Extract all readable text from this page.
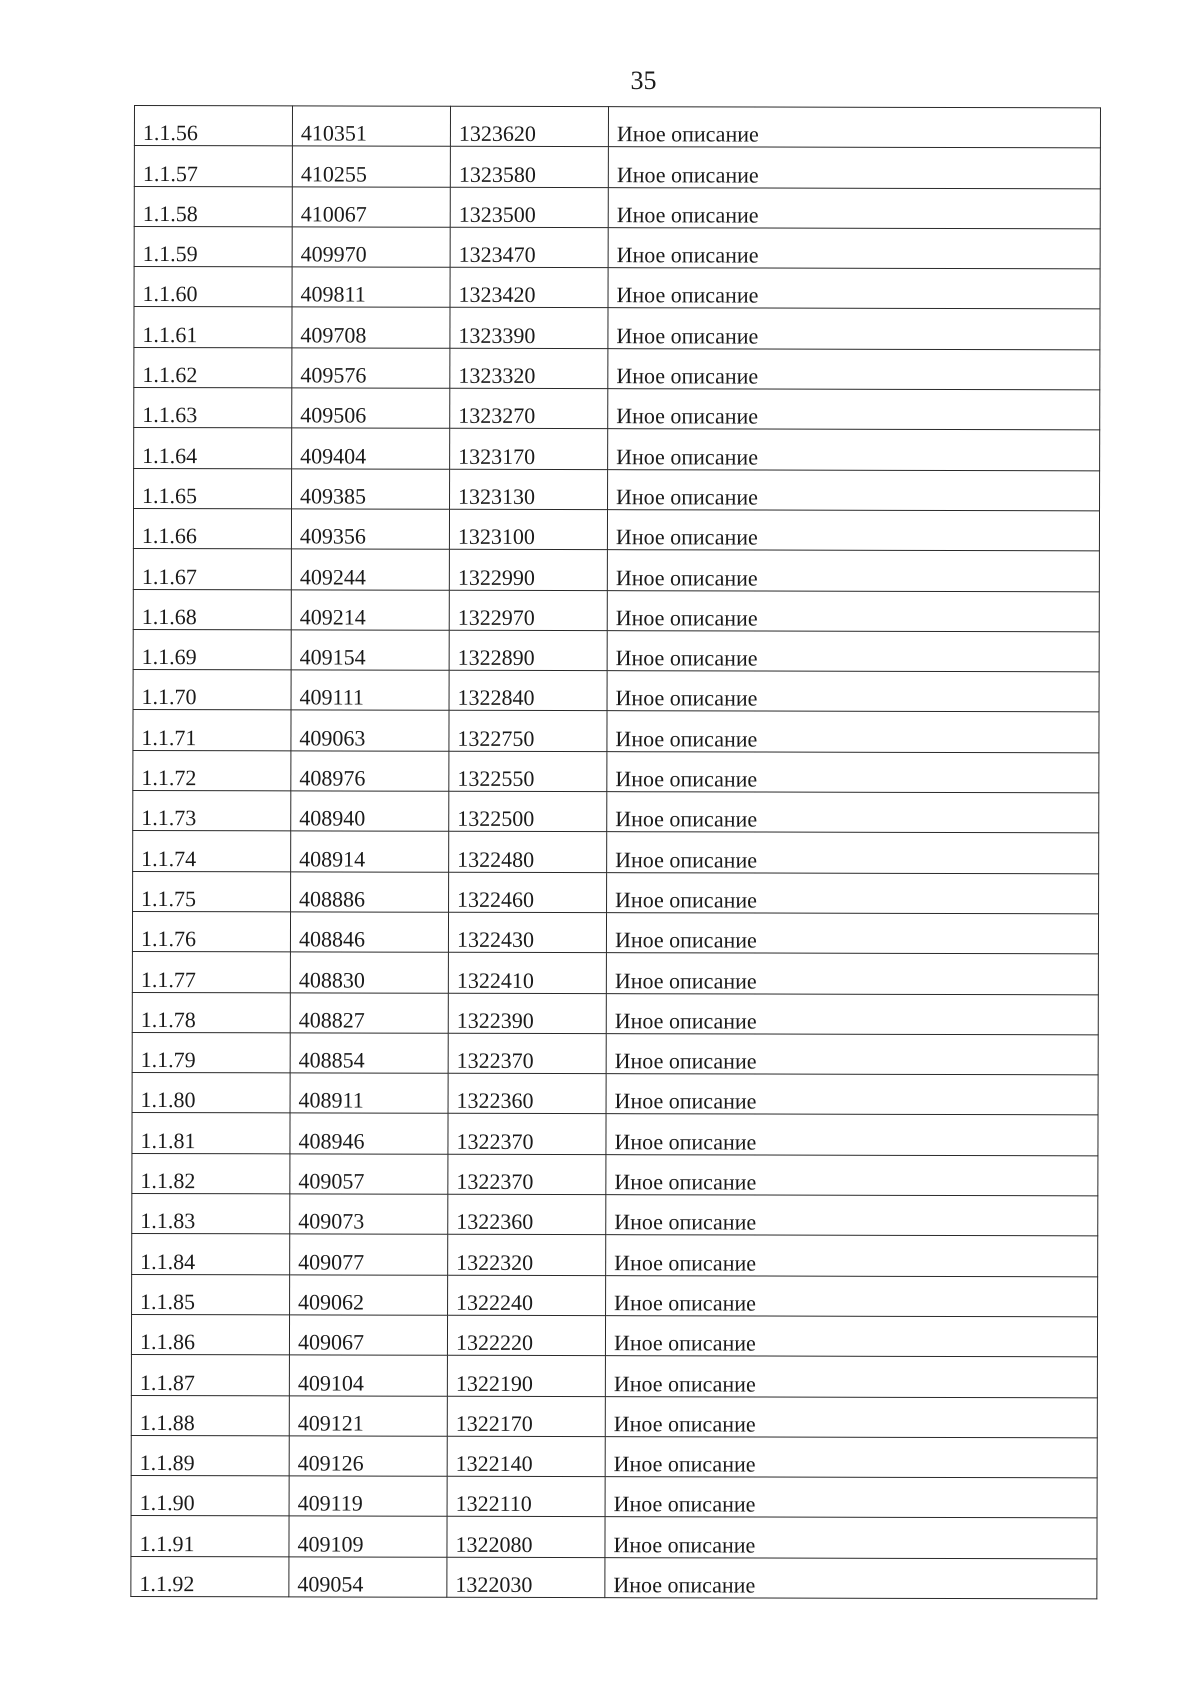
35
1.1.56	410351	1323620	Иное описание
1.1.57	410255	1323580	Иное описание
1.1.58	410067	1323500	Иное описание
1.1.59	409970	1323470	Иное описание
1.1.60	409811	1323420	Иное описание
1.1.61	409708	1323390	Иное описание
1.1.62	409576	1323320	Иное описание
1.1.63	409506	1323270	Иное описание
1.1.64	409404	1323170	Иное описание
1.1.65	409385	1323130	Иное описание
1.1.66	409356	1323100	Иное описание
1.1.67	409244	1322990	Иное описание
1.1.68	409214	1322970	Иное описание
1.1.69	409154	1322890	Иное описание
1.1.70	409111	1322840	Иное описание
1.1.71	409063	1322750	Иное описание
1.1.72	408976	1322550	Иное описание
1.1.73	408940	1322500	Иное описание
1.1.74	408914	1322480	Иное описание
1.1.75	408886	1322460	Иное описание
1.1.76	408846	1322430	Иное описание
1.1.77	408830	1322410	Иное описание
1.1.78	408827	1322390	Иное описание
1.1.79	408854	1322370	Иное описание
1.1.80	408911	1322360	Иное описание
1.1.81	408946	1322370	Иное описание
1.1.82	409057	1322370	Иное описание
1.1.83	409073	1322360	Иное описание
1.1.84	409077	1322320	Иное описание
1.1.85	409062	1322240	Иное описание
1.1.86	409067	1322220	Иное описание
1.1.87	409104	1322190	Иное описание
1.1.88	409121	1322170	Иное описание
1.1.89	409126	1322140	Иное описание
1.1.90	409119	1322110	Иное описание
1.1.91	409109	1322080	Иное описание
1.1.92	409054	1322030	Иное описание
